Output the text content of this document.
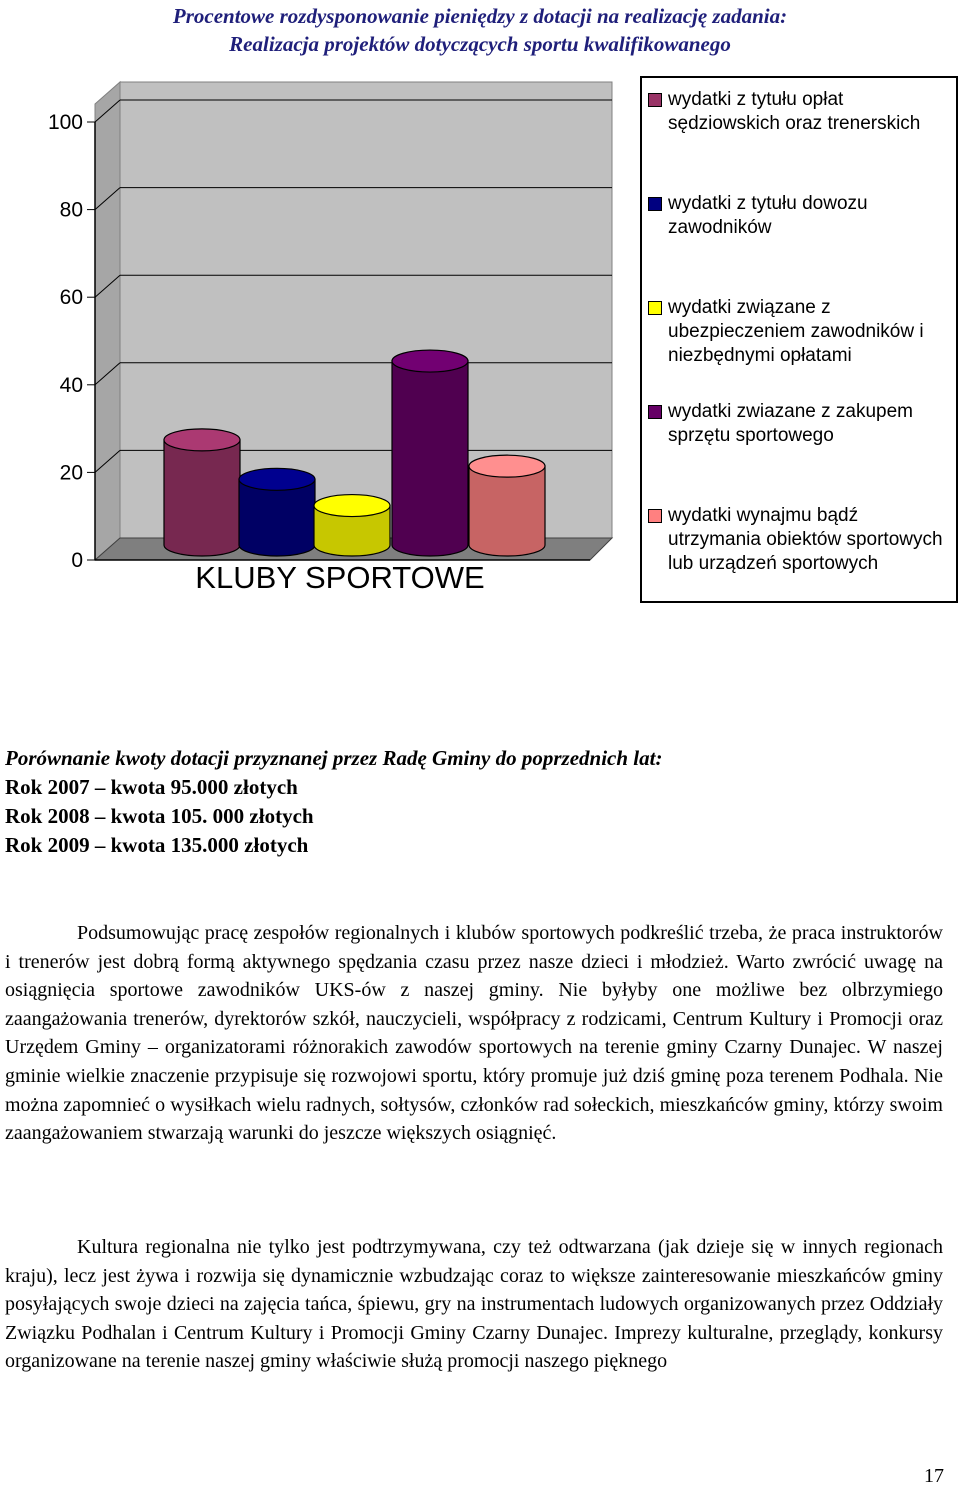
Procentowe rozdysponowanie pieniędzy z dotacji na realizację zadania:
Realizacja projektów dotyczących sportu kwalifikowanego
0
20
40
60
80
100
KLUBY SPORTOWE
wydatki z tytułu opłat sędziowskich oraz trenerskich
wydatki z tytułu dowozu zawodników
wydatki związane z ubezpieczeniem zawodników i niezbędnymi opłatami
wydatki zwiazane z zakupem sprzętu sportowego
wydatki wynajmu bądź utrzymania obiektów sportowych lub urządzeń sportowych
Porównanie kwoty dotacji przyznanej przez Radę Gminy do poprzednich lat:
Rok 2007 – kwota 95.000 złotych
Rok 2008 – kwota 105. 000 złotych
Rok 2009 – kwota 135.000 złotych
Podsumowując pracę zespołów regionalnych i klubów sportowych podkreślić trzeba, że praca instruktorów i trenerów jest dobrą formą aktywnego spędzania czasu przez nasze dzieci i młodzież. Warto zwrócić uwagę na osiągnięcia sportowe zawodników UKS-ów z naszej gminy. Nie byłyby one możliwe bez olbrzymiego zaangażowania trenerów, dyrektorów szkół, nauczycieli, współpracy z rodzicami, Centrum Kultury i Promocji oraz Urzędem Gminy – organizatorami różnorakich zawodów sportowych na terenie gminy Czarny Dunajec. W naszej gminie wielkie znaczenie przypisuje się rozwojowi sportu, który promuje już dziś gminę poza terenem Podhala. Nie można zapomnieć o wysiłkach wielu radnych, sołtysów, członków rad sołeckich, mieszkańców gminy, którzy swoim zaangażowaniem stwarzają warunki do jeszcze większych osiągnięć.
Kultura regionalna nie tylko jest podtrzymywana, czy też odtwarzana (jak dzieje się w innych regionach kraju), lecz jest żywa i rozwija się dynamicznie wzbudzając coraz to większe zainteresowanie mieszkańców gminy posyłających swoje dzieci na zajęcia tańca, śpiewu, gry na instrumentach ludowych organizowanych przez Oddziały Związku Podhalan i Centrum Kultury i Promocji Gminy Czarny Dunajec. Imprezy kulturalne, przeglądy, konkursy organizowane na terenie naszej gminy właściwie służą promocji naszego pięknego
17
